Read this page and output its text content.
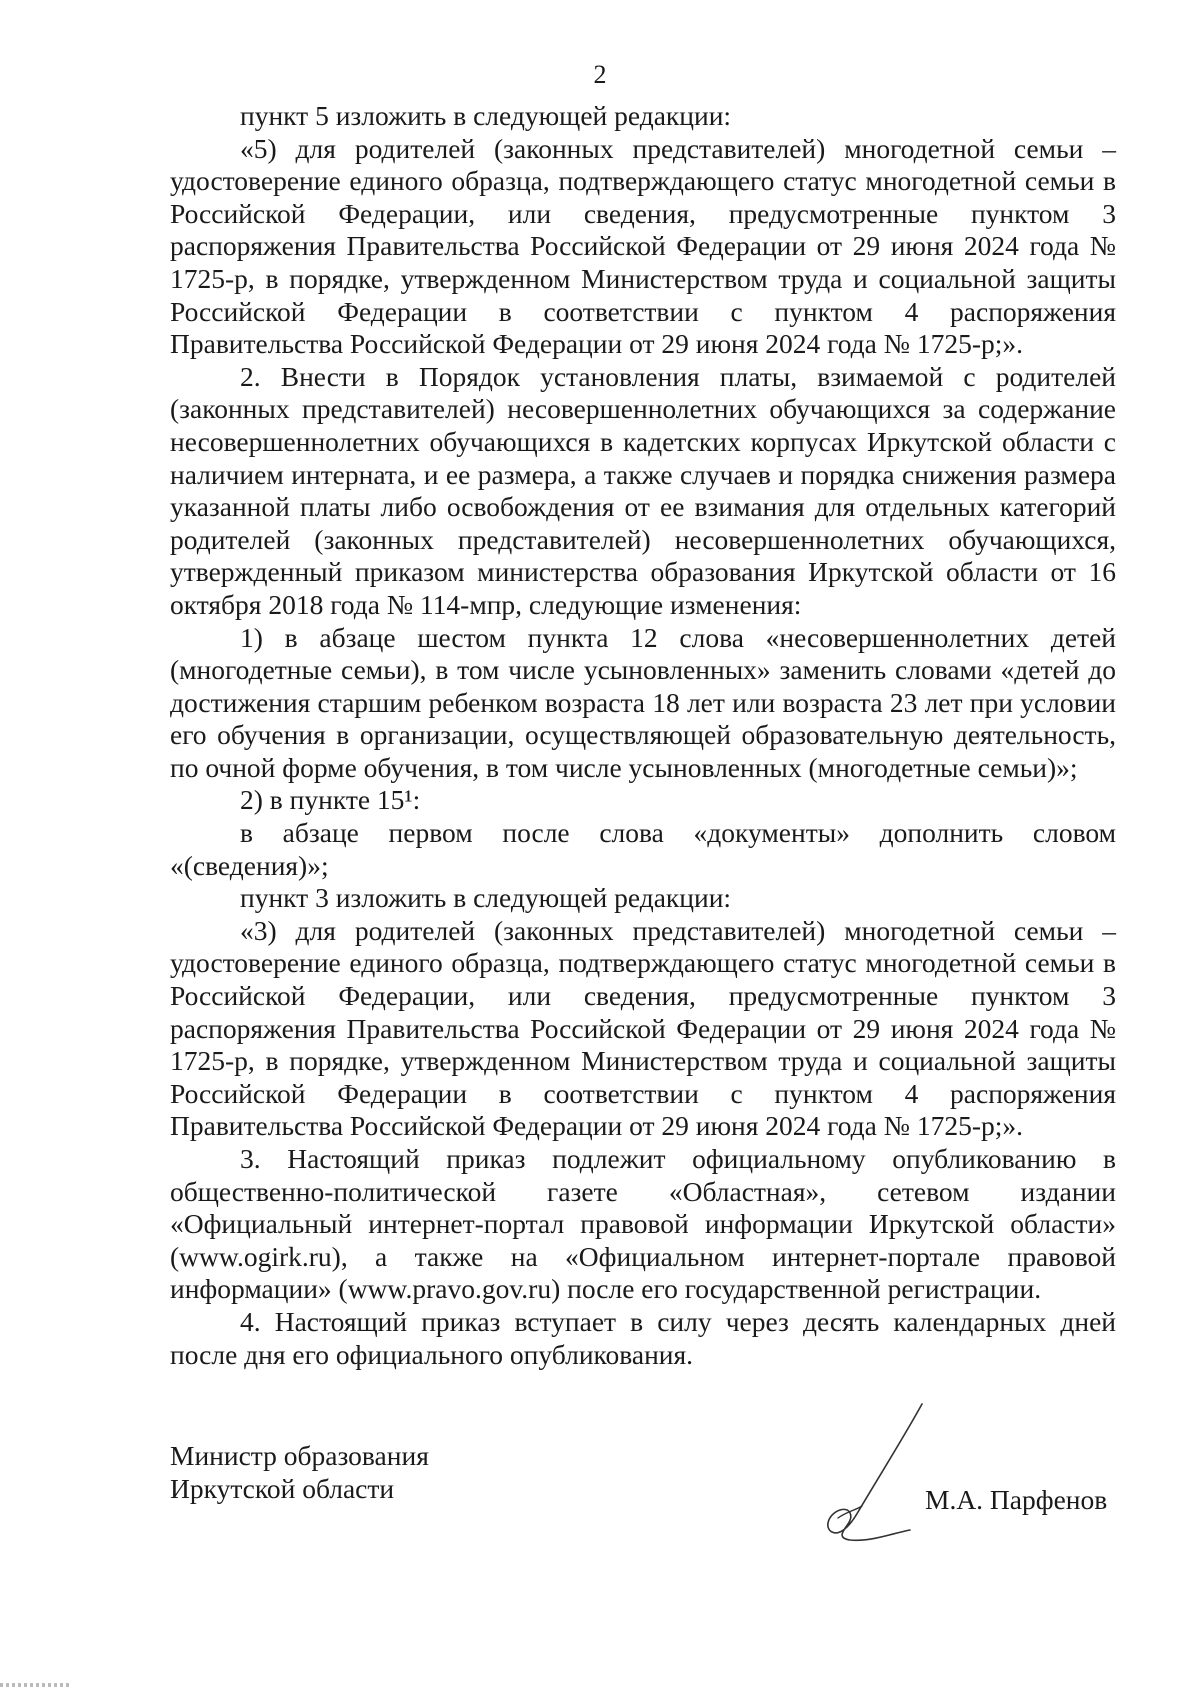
2

пункт 5 изложить в следующей редакции:

«5) для родителей (законных представителей) многодетной семьи – удостоверение единого образца, подтверждающего статус многодетной семьи в Российской Федерации, или сведения, предусмотренные пунктом 3 распоряжения Правительства Российской Федерации от 29 июня 2024 года № 1725-р, в порядке, утвержденном Министерством труда и социальной защиты Российской Федерации в соответствии с пунктом 4 распоряжения Правительства Российской Федерации от 29 июня 2024 года № 1725-р;».

2. Внести в Порядок установления платы, взимаемой с родителей (законных представителей) несовершеннолетних обучающихся за содержание несовершеннолетних обучающихся в кадетских корпусах Иркутской области с наличием интерната, и ее размера, а также случаев и порядка снижения размера указанной платы либо освобождения от ее взимания для отдельных категорий родителей (законных представителей) несовершеннолетних обучающихся, утвержденный приказом министерства образования Иркутской области от 16 октября 2018 года № 114-мпр, следующие изменения:

1) в абзаце шестом пункта 12 слова «несовершеннолетних детей (многодетные семьи), в том числе усыновленных» заменить словами «детей до достижения старшим ребенком возраста 18 лет или возраста 23 лет при условии его обучения в организации, осуществляющей образовательную деятельность, по очной форме обучения, в том числе усыновленных (многодетные семьи)»;

2) в пункте 15¹:

в абзаце первом после слова «документы» дополнить словом «(сведения)»;

пункт 3 изложить в следующей редакции:

«3) для родителей (законных представителей) многодетной семьи – удостоверение единого образца, подтверждающего статус многодетной семьи в Российской Федерации, или сведения, предусмотренные пунктом 3 распоряжения Правительства Российской Федерации от 29 июня 2024 года № 1725-р, в порядке, утвержденном Министерством труда и социальной защиты Российской Федерации в соответствии с пунктом 4 распоряжения Правительства Российской Федерации от 29 июня 2024 года № 1725-р;».

3. Настоящий приказ подлежит официальному опубликованию в общественно-политической газете «Областная», сетевом издании «Официальный интернет-портал правовой информации Иркутской области» (www.ogirk.ru), а также на «Официальном интернет-портале правовой информации» (www.pravo.gov.ru) после его государственной регистрации.

4. Настоящий приказ вступает в силу через десять календарных дней после дня его официального опубликования.

Министр образования
Иркутской области	М.А. Парфенов
